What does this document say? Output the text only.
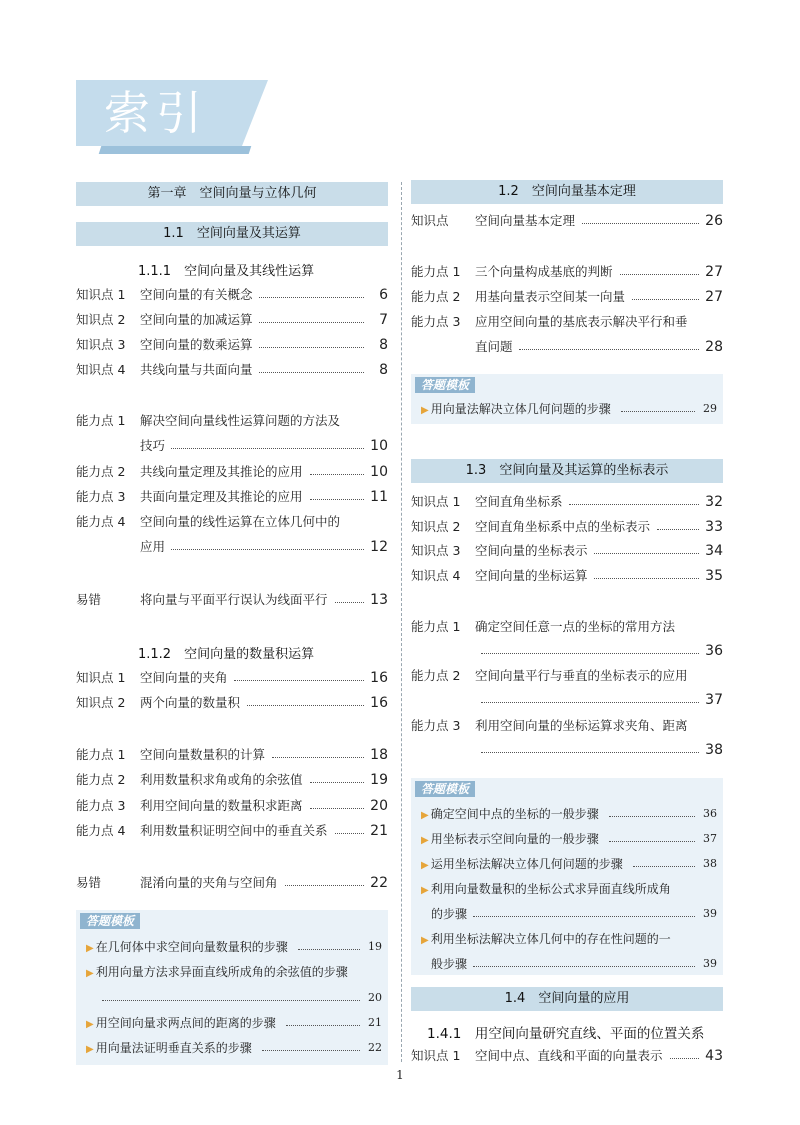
索引
第一章　空间向量与立体几何
1.1　空间向量及其运算
1.1.1　空间向量及其线性运算
知识点 1 空间向量的有关概念	6
知识点 2 空间向量的加减运算	7
知识点 3 空间向量的数乘运算	8
知识点 4 共线向量与共面向量	8
能力点 1 解决空间向量线性运算问题的方法及
技巧	10
能力点 2 共线向量定理及其推论的应用	10
能力点 3 共面向量定理及其推论的应用	11
能力点 4 空间向量的线性运算在立体几何中的
应用	12
易错	将向量与平面平行误认为线面平行	13
知识点 1 空间向量的夹角	16
知识点 2 两个向量的数量积	16
能力点 1 空间向量数量积的计算	18
能力点 2 利用数量积求角或角的余弦值	19
能力点 3 利用空间向量的数量积求距离	20
能力点 4 利用数量积证明空间中的垂直关系	21
易错	混淆向量的夹角与空间角	22
1.1.2　空间向量的数量积运算
答题模板
▶ 在几何体中求空间向量数量积的步骤	19
▶ 利用向量方法求异面直线所成角的余弦值的步骤
20
▶ 用空间向量求两点间的距离的步骤	21
▶ 用向量法证明垂直关系的步骤	22
1.2　空间向量基本定理
答题模板
1.3　空间向量及其运算的坐标表示
答题模板
1.4　空间向量的应用
1.4.1　用空间向量研究直线、平面的位置关系
知识点 空间向量基本定理	26
能力点 1 三个向量构成基底的判断	27
能力点 2 用基向量表示空间某一向量	27
能力点 3 应用空间向量的基底表示解决平行和垂
直问题	28
知识点 1 空间直角坐标系	32
知识点 2 空间直角坐标系中点的坐标表示	33
知识点 3 空间向量的坐标表示	34
知识点 4 空间向量的坐标运算	35
能力点 1 确定空间任意一点的坐标的常用方法
36
能力点 2 空间向量平行与垂直的坐标表示的应用
37
能力点 3 利用空间向量的坐标运算求夹角、距离
38
知识点 1 空间中点、直线和平面的向量表示	43
▶ 用向量法解决立体几何问题的步骤	29
▶ 确定空间中点的坐标的一般步骤	36
▶ 用坐标表示空间向量的一般步骤	37
▶ 运用坐标法解决立体几何问题的步骤	38
▶ 利用向量数量积的坐标公式求异面直线所成角
的步骤	39
▶ 利用坐标法解决立体几何中的存在性问题的一
般步骤	39
1
